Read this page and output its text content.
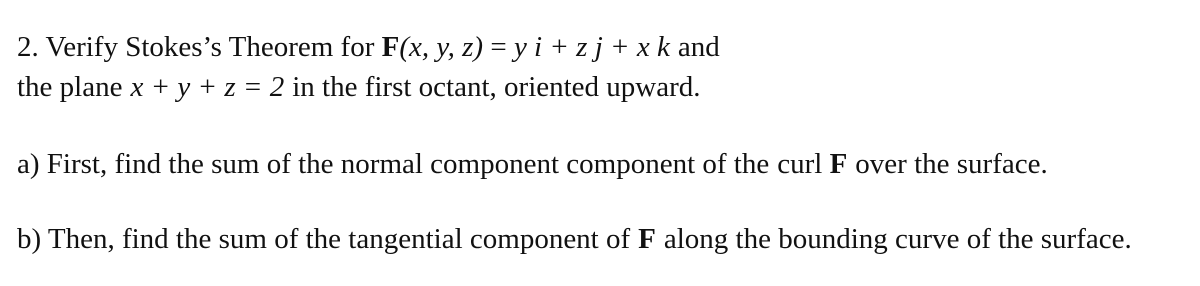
2. Verify Stokes’s Theorem for F(x, y, z) = y i + z j + x k and
the plane x + y + z = 2 in the first octant, oriented upward.
a) First, find the sum of the normal component component of the curl F over the surface.
b) Then, find the sum of the tangential component of F along the bounding curve of the surface.
